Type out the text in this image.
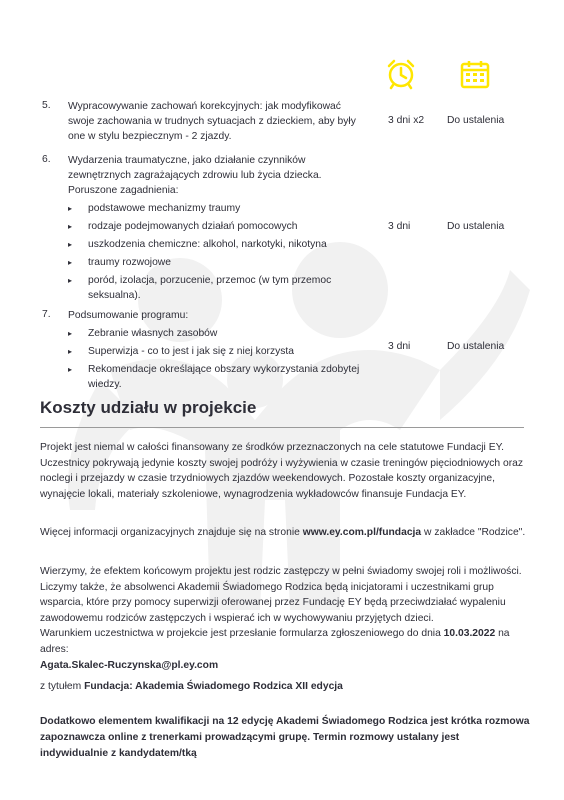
5. Wypracowywanie zachowań korekcyjnych: jak modyfikować swoje zachowania w trudnych sytuacjach z dzieckiem, aby były one w stylu bezpiecznym - 2 zjazdy.
3 dni x2 Do ustalenia
6. Wydarzenia traumatyczne, jako działanie czynników zewnętrznych zagrażających zdrowiu lub życia dziecka.
Poruszone zagadnienia:
▸ podstawowe mechanizmy traumy
▸ rodzaje podejmowanych działań pomocowych
▸ uszkodzenia chemiczne: alkohol, narkotyki, nikotyna
▸ traumy rozwojowe
▸ poród, izolacja, porzucenie, przemoc (w tym przemoc seksualna).
3 dni	Do ustalenia
7. Podsumowanie programu:
▸ Zebranie własnych zasobów
▸ Superwizja - co to jest i jak się z niej korzysta
▸ Rekomendacje określające obszary wykorzystania zdobytej wiedzy.
3 dni	Do ustalenia
Koszty udziału w projekcie

Projekt jest niemal w całości finansowany ze środków przeznaczonych na cele statutowe Fundacji EY. Uczestnicy pokrywają jedynie koszty swojej podróży i wyżywienia w czasie treningów pięciodniowych oraz noclegi i przejazdy w czasie trzydniowych zjazdów weekendowych. Pozostałe koszty organizacyjne, wynajęcie lokali, materiały szkoleniowe, wynagrodzenia wykładowców finansuje Fundacja EY.

Więcej informacji organizacyjnych znajduje się na stronie www.ey.com.pl/fundacja w zakładce "Rodzice".

Wierzymy, że efektem końcowym projektu jest rodzic zastępczy w pełni świadomy swojej roli i możliwości. Liczymy także, że absolwenci Akademii Świadomego Rodzica będą inicjatorami i uczestnikami grup wsparcia, które przy pomocy superwizji oferowanej przez Fundację EY będą przeciwdziałać wypaleniu zawodowemu rodziców zastępczych i wspierać ich w wychowywaniu przyjętych dzieci.

Warunkiem uczestnictwa w projekcie jest przesłanie formularza zgłoszeniowego do dnia 10.03.2022 na adres:

Agata.Skalec-Ruczynska@pl.ey.com

z tytułem Fundacja: Akademia Świadomego Rodzica XII edycja

Dodatkowo elementem kwalifikacji na 12 edycję Akademi Świadomego Rodzica jest krótka rozmowa zapoznawcza online z trenerkami prowadzącymi grupę. Termin rozmowy ustalany jest indywidualnie z kandydatem/tką
